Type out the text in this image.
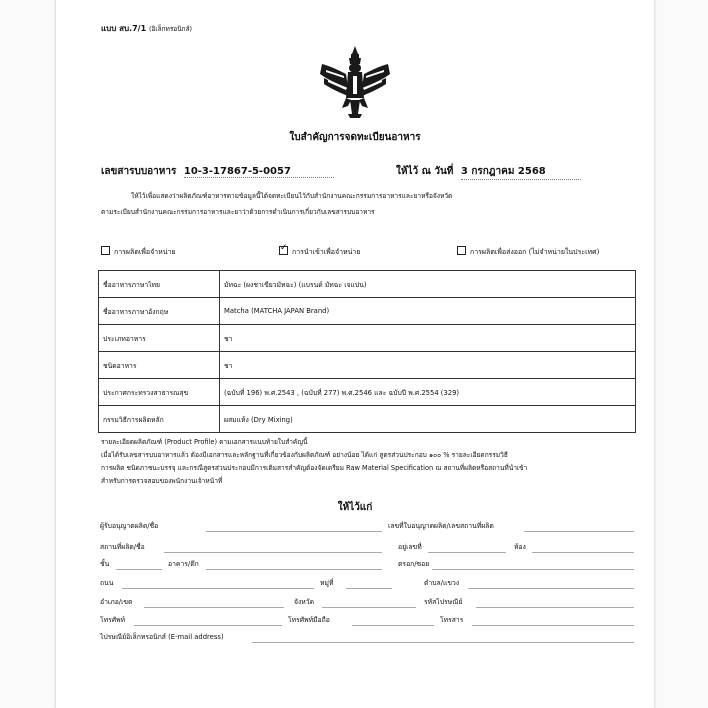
แบบ สบ.7/1 (อิเล็กทรอนิกส์)
ใบสำคัญการจดทะเบียนอาหาร
เลขสารบบอาหาร 10-3-17867-5-0057	ให้ไว้ ณ วันที่ 3 กรกฎาคม 2568
ให้ไว้เพื่อแสดงว่าผลิตภัณฑ์อาหารตามข้อมูลนี้ได้จดทะเบียนไว้กับสำนักงานคณะกรรมการอาหารและยาหรือจังหวัด
ตามระเบียบสำนักงานคณะกรรมการอาหารและยาว่าด้วยการดำเนินการเกี่ยวกับเลขสารบบอาหาร
การผลิตเพื่อจำหน่าย	✓ การนำเข้าเพื่อจำหน่าย	การผลิตเพื่อส่งออก (ไม่จำหน่ายในประเทศ)
ชื่ออาหารภาษาไทย	มัทฉะ (ผงชาเขียวมัทฉะ) (แบรนด์ มัทฉะ เจแปน)
ชื่ออาหารภาษาอังกฤษ	Matcha (MATCHA JAPAN Brand)
ประเภทอาหาร	ชา
ชนิดอาหาร	ชา
ประกาศกระทรวงสาธารณสุข	(ฉบับที่ 196) พ.ศ.2543 , (ฉบับที่ 277) พ.ศ.2546 และ ฉบับปี พ.ศ.2554 (329)
กรรมวิธีการผลิตหลัก	ผสมแห้ง (Dry Mixing)
รายละเอียดผลิตภัณฑ์ (Product Profile) ตามเอกสารแนบท้ายใบสำคัญนี้
เมื่อได้รับเลขสารบบอาหารแล้ว ต้องมีเอกสารและหลักฐานที่เกี่ยวข้องกับผลิตภัณฑ์ อย่างน้อย ได้แก่ สูตรส่วนประกอบ ๑๐๐ % รายละเอียดกรรมวิธี
การผลิต ชนิดภาชนะบรรจุ และกรณีสูตรส่วนประกอบมีการเติมสารสำคัญต้องจัดเตรียม Raw Material Specification ณ สถานที่ผลิตหรือสถานที่นำเข้า
สำหรับการตรวจสอบของพนักงานเจ้าหน้าที่
ให้ไว้แก่
ผู้รับอนุญาตผลิต/ชื่อ	เลขที่ใบอนุญาตผลิต/เลขสถานที่ผลิต
สถานที่ผลิต/ชื่อ	อยู่เลขที่	ห้อง
ชั้น	อาคาร/ตึก	ตรอก/ซอย
ถนน	หมู่ที่	ตำบล/แขวง
อำเภอ/เขต	จังหวัด	รหัสไปรษณีย์
โทรศัพท์	โทรศัพท์มือถือ	โทรสาร
ไปรษณีย์อิเล็กทรอนิกส์ (E-mail address)
